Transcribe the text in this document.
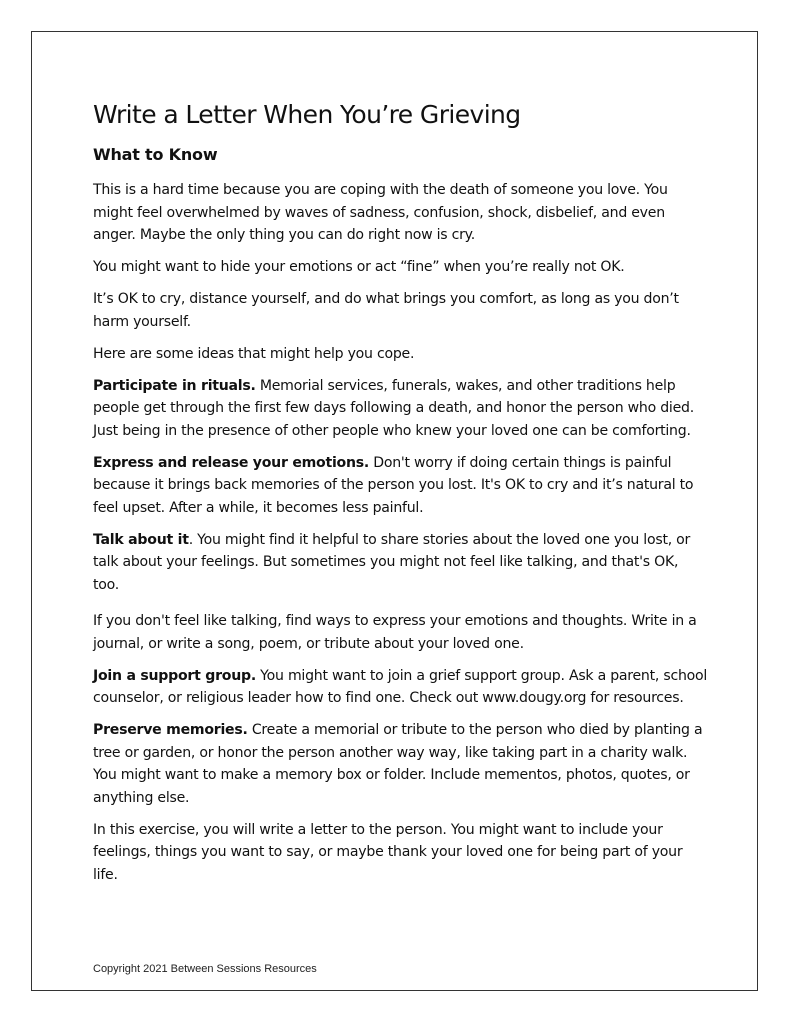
Write a Letter When You’re Grieving
What to Know

This is a hard time because you are coping with the death of someone you love. You might feel overwhelmed by waves of sadness, confusion, shock, disbelief, and even anger. Maybe the only thing you can do right now is cry.

You might want to hide your emotions or act “fine” when you’re really not OK.

It’s OK to cry, distance yourself, and do what brings you comfort, as long as you don’t harm yourself.

Here are some ideas that might help you cope.

Participate in rituals. Memorial services, funerals, wakes, and other traditions help people get through the first few days following a death, and honor the person who died. Just being in the presence of other people who knew your loved one can be comforting.

Express and release your emotions. Don't worry if doing certain things is painful because it brings back memories of the person you lost. It's OK to cry and it’s natural to feel upset. After a while, it becomes less painful.

Talk about it. You might find it helpful to share stories about the loved one you lost, or talk about your feelings. But sometimes you might not feel like talking, and that's OK, too.

If you don't feel like talking, find ways to express your emotions and thoughts. Write in a journal, or write a song, poem, or tribute about your loved one.

Join a support group. You might want to join a grief support group. Ask a parent, school counselor, or religious leader how to find one. Check out www.dougy.org for resources.

Preserve memories. Create a memorial or tribute to the person who died by planting a tree or garden, or honor the person another way way, like taking part in a charity walk. You might want to make a memory box or folder. Include mementos, photos, quotes, or anything else.

In this exercise, you will write a letter to the person. You might want to include your feelings, things you want to say, or maybe thank your loved one for being part of your life.

Copyright 2021 Between Sessions Resources
